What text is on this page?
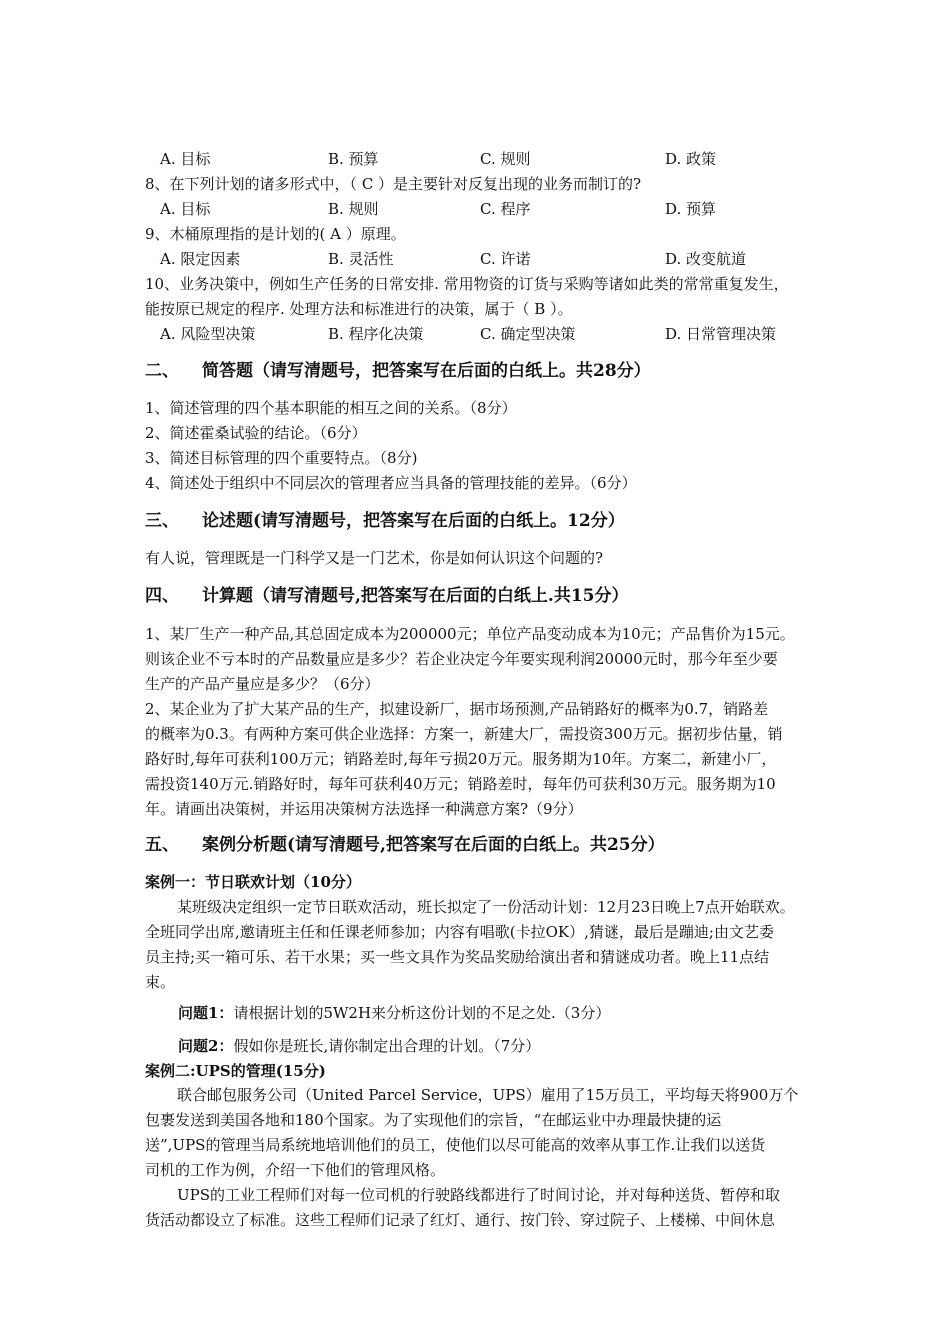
A. 目标	B. 预算	C. 规则	D. 政策
8、在下列计划的诸多形式中，（ C ）是主要针对反复出现的业务而制订的?
A. 目标	B. 规则	C. 程序	D. 预算
9、木桶原理指的是计划的( A ）原理。
A. 限定因素	B. 灵活性	C. 许诺	D. 改变航道
10、业务决策中，例如生产任务的日常安排. 常用物资的订货与采购等诸如此类的常常重复发生，
能按原已规定的程序. 处理方法和标准进行的决策，属于（ B ）。
A. 风险型决策	B. 程序化决策	C. 确定型决策	D. 日常管理决策
二、 简答题（请写清题号，把答案写在后面的白纸上。共28分）
1、简述管理的四个基本职能的相互之间的关系。（8分）
2、简述霍桑试验的结论。（6分）
3、简述目标管理的四个重要特点。（8分)
4、简述处于组织中不同层次的管理者应当具备的管理技能的差异。（6分）
三、 论述题(请写清题号，把答案写在后面的白纸上。12分）
有人说，管理既是一门科学又是一门艺术，你是如何认识这个问题的?
四、 计算题（请写清题号,把答案写在后面的白纸上.共15分）
1、某厂生产一种产品,其总固定成本为200000元；单位产品变动成本为10元；产品售价为15元。
则该企业不亏本时的产品数量应是多少？若企业决定今年要实现利润20000元时，那今年至少要
生产的产品产量应是多少？（6分）
2、某企业为了扩大某产品的生产，拟建设新厂，据市场预测,产品销路好的概率为0.7，销路差
的概率为0.3。有两种方案可供企业选择：方案一，新建大厂，需投资300万元。据初步估量，销
路好时,每年可获利100万元；销路差时,每年亏损20万元。服务期为10年。方案二，新建小厂，
需投资140万元.销路好时，每年可获利40万元；销路差时，每年仍可获利30万元。服务期为10
年。请画出决策树，并运用决策树方法选择一种满意方案?（9分）
五、 案例分析题(请写清题号,把答案写在后面的白纸上。共25分）
案例一：节日联欢计划（10分）
某班级决定组织一定节日联欢活动，班长拟定了一份活动计划：12月23日晚上7点开始联欢。
全班同学出席,邀请班主任和任课老师参加；内容有唱歌(卡拉OK）,猜谜，最后是蹦迪;由文艺委
员主持;买一箱可乐、若干水果；买一些文具作为奖品奖励给演出者和猜谜成功者。晚上11点结
束。
问题1：请根据计划的5W2H来分析这份计划的不足之处.（3分）
问题2：假如你是班长,请你制定出合理的计划。（7分）
案例二:UPS的管理(15分)
联合邮包服务公司（United Parcel Service，UPS）雇用了15万员工，平均每天将900万个
包裹发送到美国各地和180个国家。为了实现他们的宗旨，“在邮运业中办理最快捷的运
送”,UPS的管理当局系统地培训他们的员工，使他们以尽可能高的效率从事工作.让我们以送货
司机的工作为例，介绍一下他们的管理风格。
UPS的工业工程师们对每一位司机的行驶路线都进行了时间讨论，并对每种送货、暂停和取
货活动都设立了标准。这些工程师们记录了红灯、通行、按门铃、穿过院子、上楼梯、中间休息
